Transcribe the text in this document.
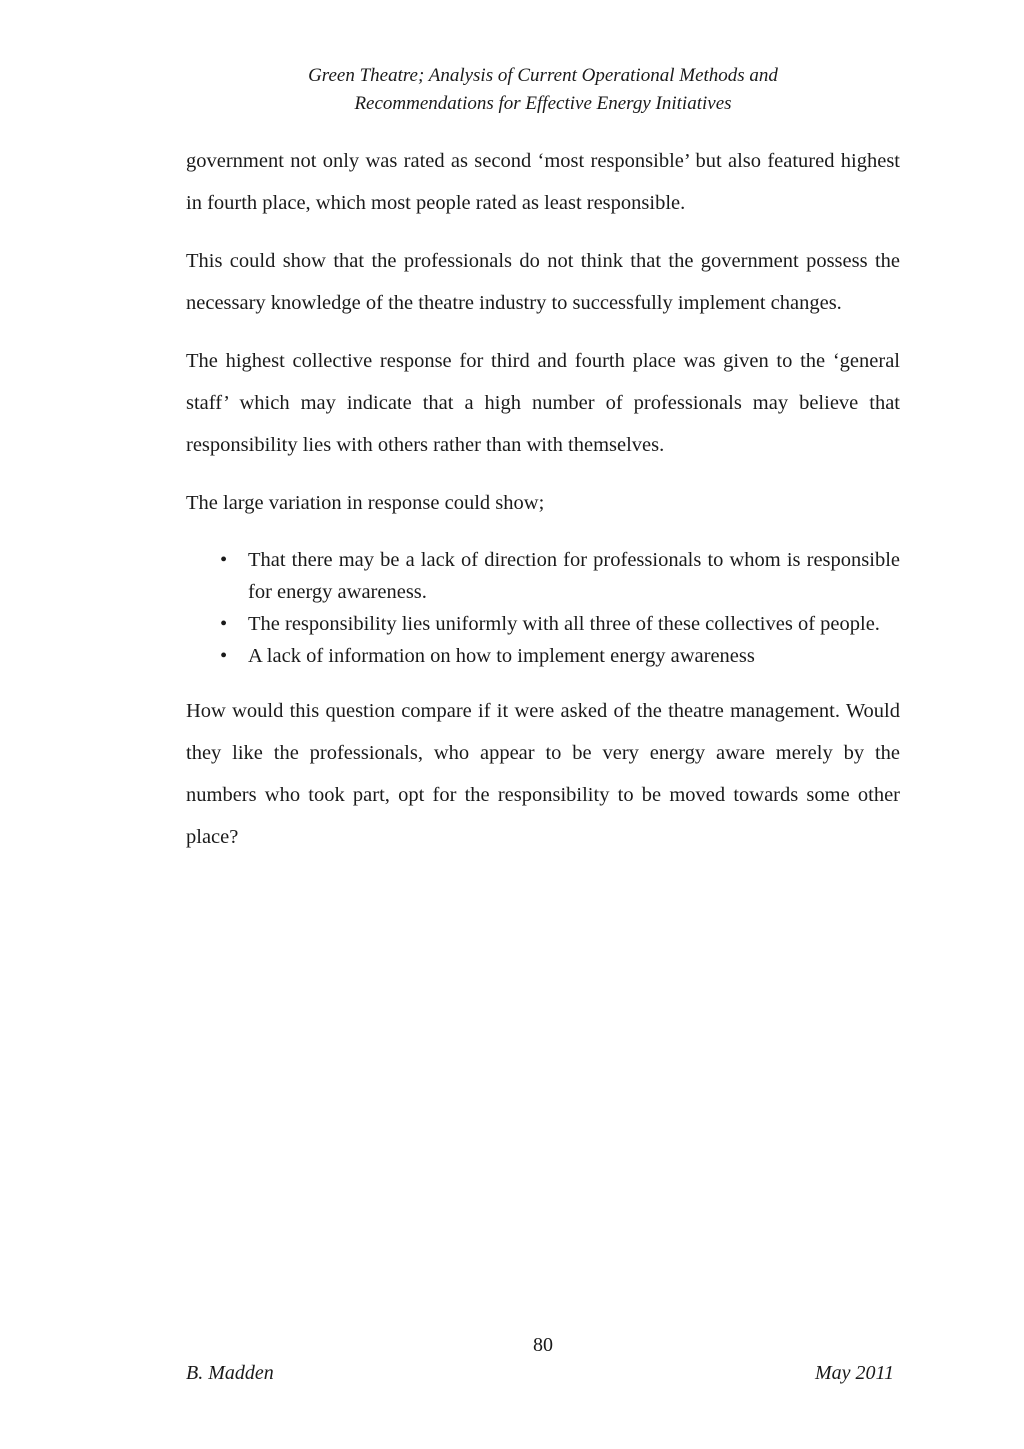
Green Theatre; Analysis of Current Operational Methods and
Recommendations for Effective Energy Initiatives

government not only was rated as second ‘most responsible’ but also featured highest in fourth place, which most people rated as least responsible.

This could show that the professionals do not think that the government possess the necessary knowledge of the theatre industry to successfully implement changes.

The highest collective response for third and fourth place was given to the ‘general staff’ which may indicate that a high number of professionals may believe that responsibility lies with others rather than with themselves.

The large variation in response could show;

• That there may be a lack of direction for professionals to whom is responsible for energy awareness.
• The responsibility lies uniformly with all three of these collectives of people.
• A lack of information on how to implement energy awareness

How would this question compare if it were asked of the theatre management. Would they like the professionals, who appear to be very energy aware merely by the numbers who took part, opt for the responsibility to be moved towards some other place?

80
B. Madden	May 2011
